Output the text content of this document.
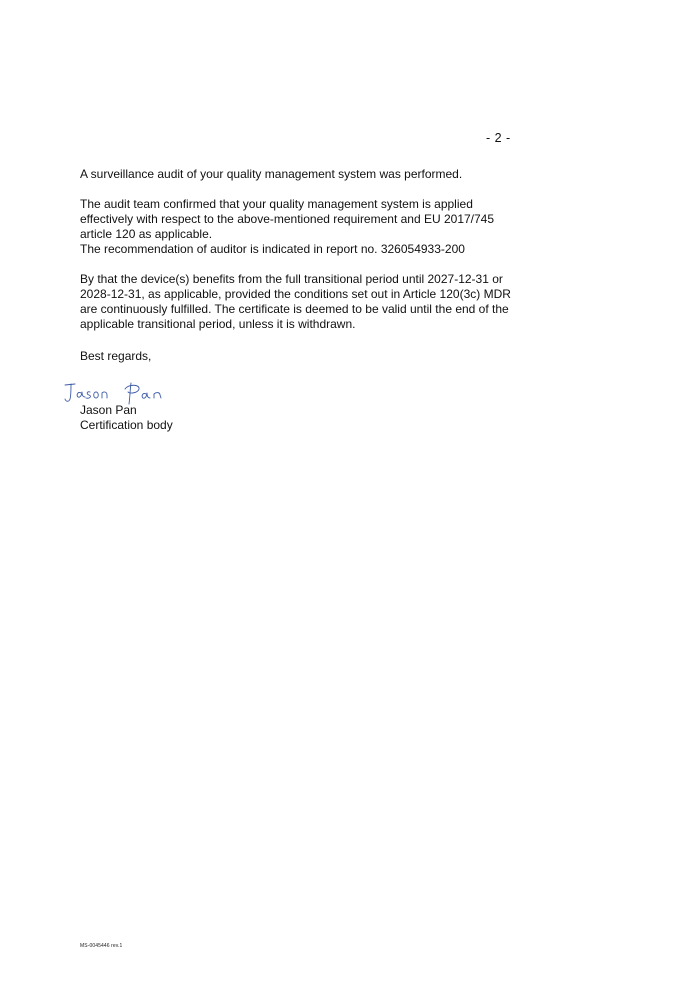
- 2 -

A surveillance audit of your quality management system was performed.

The audit team confirmed that your quality management system is applied

effectively with respect to the above-mentioned requirement and EU 2017/745

article 120 as applicable.

The recommendation of auditor is indicated in report no. 326054933-200

By that the device(s) benefits from the full transitional period until 2027-12-31 or

2028-12-31, as applicable, provided the conditions set out in Article 120(3c) MDR

are continuously fulfilled. The certificate is deemed to be valid until the end of the

applicable transitional period, unless it is withdrawn.

Best regards,
Jason Pan
Jason Pan
Certification body
MS-0045446 rev.1
